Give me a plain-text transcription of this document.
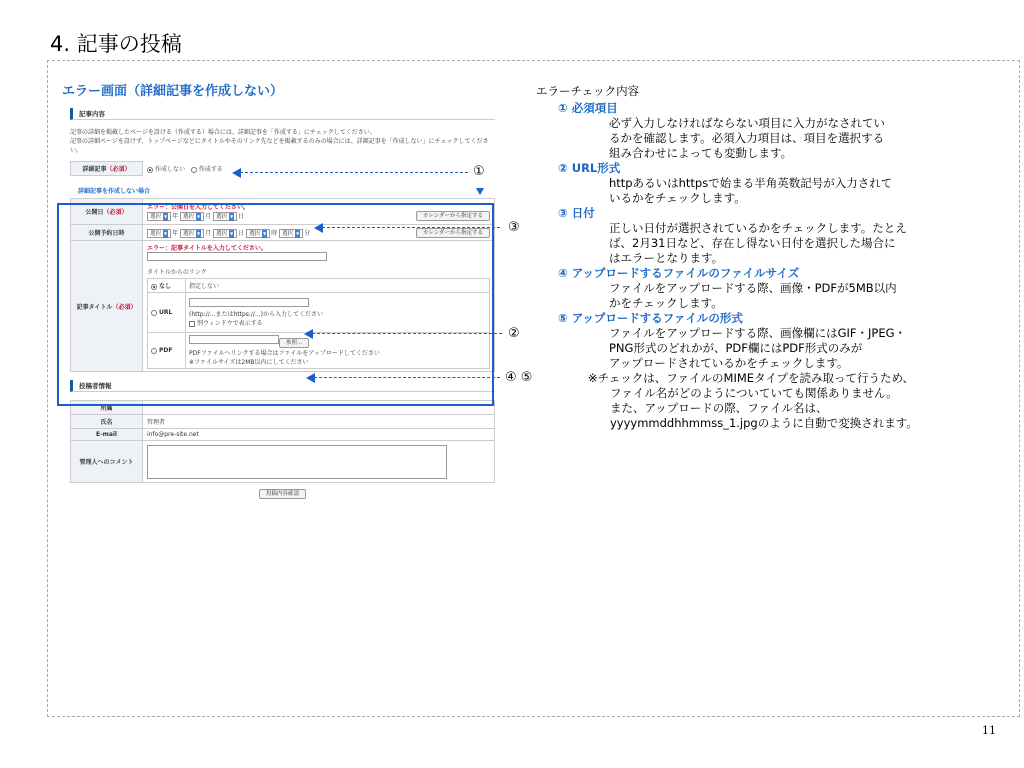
4. 記事の投稿
エラー画面（詳細記事を作成しない）
記事内容

記事の詳細を掲載したページを設ける（作成する）場合には、詳細記事を「作成する」にチェックしてください。

記事の詳細ページを設けず、トップページなどにタイトルやそのリンク先などを掲載するのみの場合には、詳細記事を「作成しない」にチェックしてください。

詳細記事（必須）	作成しない 作成する
詳細記事を作成しない場合
公開日（必須）	
エラー：公開日を入力してください。
選択 ▼ 年 選択 ▼ 月 選択 ▼ 日	カレンダーから指定する

公開予約日時	選択 ▼ 年 選択 ▼ 月 選択 ▼ 日 選択 ▼ 時 選択 ▼ 分	カレンダーから指定する

記事タイトル（必須）	
エラー：記事タイトルを入力してください。
タイトルからのリンク
なし	指定しない
URL	(http://...またはhttps://...)から入力してください
別ウィンドウで表示する
PDF	参照...
PDFファイルへリンクする場合はファイルをアップロードしてください
※ファイルサイズは2MB以内にしてください
投稿者情報
所属	
氏名	管理者
E-mail	info@pre-site.net
管理人へのコメント	
投稿内容確認
①
③
②
④ ⑤
エラーチェック内容
① 必須項目
必ず入力しなければならない項目に入力がなされてい
るかを確認します。必須入力項目は、項目を選択する
組み合わせによっても変動します。
② URL形式
httpあるいはhttpsで始まる半角英数記号が入力されて
いるかをチェックします。
③ 日付
正しい日付が選択されているかをチェックします。たとえ
ば、2月31日など、存在し得ない日付を選択した場合に
はエラーとなります。
④ アップロードするファイルのファイルサイズ
ファイルをアップロードする際、画像・PDFが5MB以内
かをチェックします。
⑤ アップロードするファイルの形式
ファイルをアップロードする際、画像欄にはGIF・JPEG・
PNG形式のどれかが、PDF欄にはPDF形式のみが
アップロードされているかをチェックします。
※チェックは、ファイルのMIMEタイプを読み取って行うため、
ファイル名がどのようについていても関係ありません。
また、アップロードの際、ファイル名は、
yyyymmddhhmmss_1.jpgのように自動で変換されます。
11
